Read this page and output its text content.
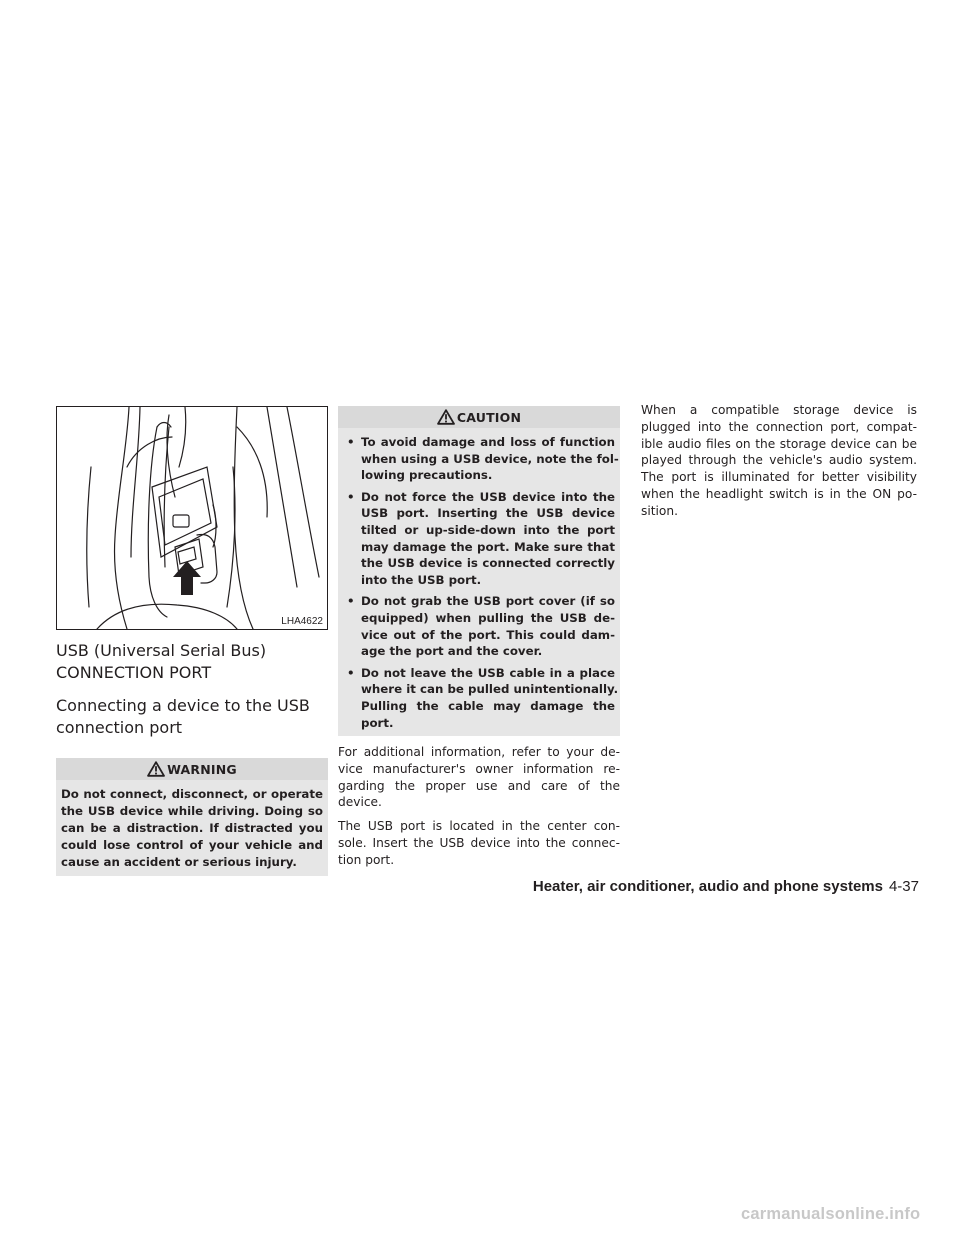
LHA4622
USB (Universal Serial Bus)
CONNECTION PORT
Connecting a device to the USB
connection port
WARNING
Do not connect, disconnect, or operate
the USB device while driving. Doing so
can be a distraction. If distracted you
could lose control of your vehicle and
cause an accident or serious injury.
CAUTION
• To avoid damage and loss of function
when using a USB device, note the fol-
lowing precautions.
• Do not force the USB device into the
USB port. Inserting the USB device
tilted or up-side-down into the port
may damage the port. Make sure that
the USB device is connected correctly
into the USB port.
• Do not grab the USB port cover (if so
equipped) when pulling the USB de-
vice out of the port. This could dam-
age the port and the cover.
• Do not leave the USB cable in a place
where it can be pulled unintentionally.
Pulling the cable may damage the
port.

For additional information, refer to your de-
vice manufacturer's owner information re-
garding the proper use and care of the
device.

The USB port is located in the center con-
sole. Insert the USB device into the connec-
tion port.

When a compatible storage device is
plugged into the connection port, compat-
ible audio files on the storage device can be
played through the vehicle's audio system.
The port is illuminated for better visibility
when the headlight switch is in the ON po-
sition.

Heater, air conditioner, audio and phone systems 4-37
carmanualsonline.info
